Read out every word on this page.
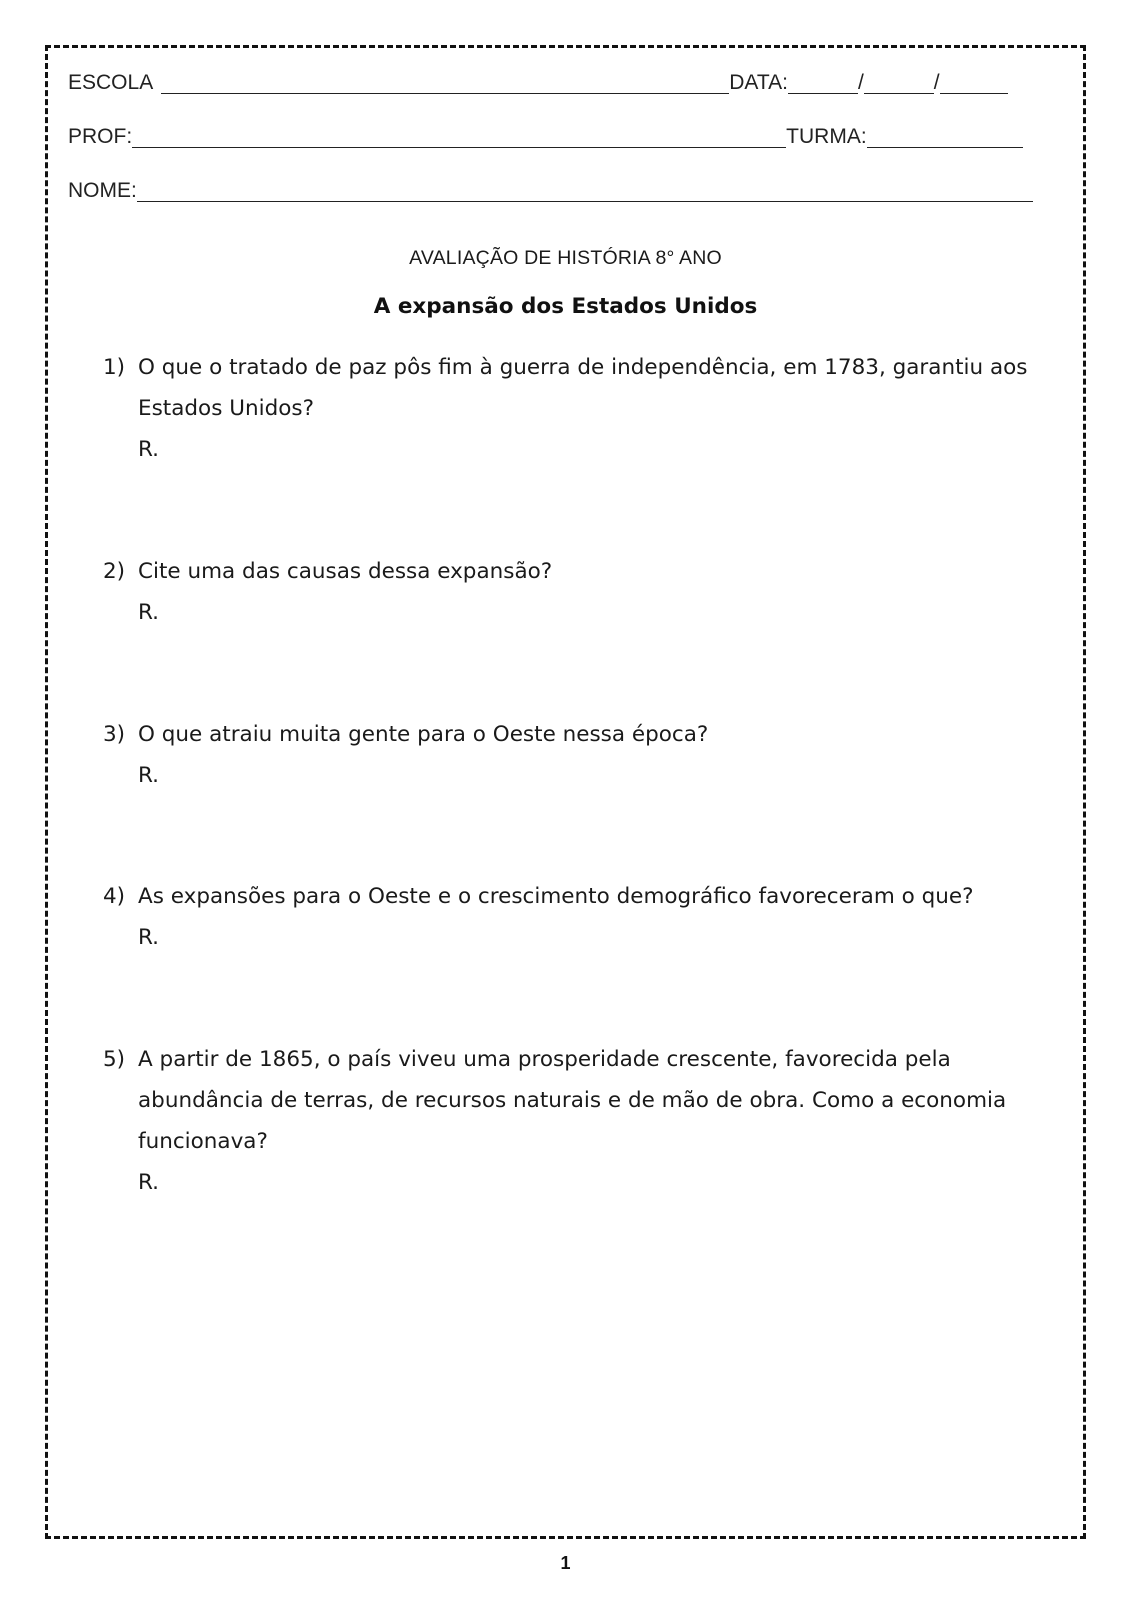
ESCOLA	DATA:	/	/
PROF:	TURMA:
NOME:
AVALIAÇÃO DE HISTÓRIA 8° ANO
A expansão dos Estados Unidos
1) O que o tratado de paz pôs fim à guerra de independência, em 1783, garantiu aos Estados Unidos?
R.
2) Cite uma das causas dessa expansão?
R.
3) O que atraiu muita gente para o Oeste nessa época?
R.
4) As expansões para o Oeste e o crescimento demográfico favoreceram o que?
R.
5) A partir de 1865, o país viveu uma prosperidade crescente, favorecida pela abundância de terras, de recursos naturais e de mão de obra. Como a economia funcionava?
R.
1
